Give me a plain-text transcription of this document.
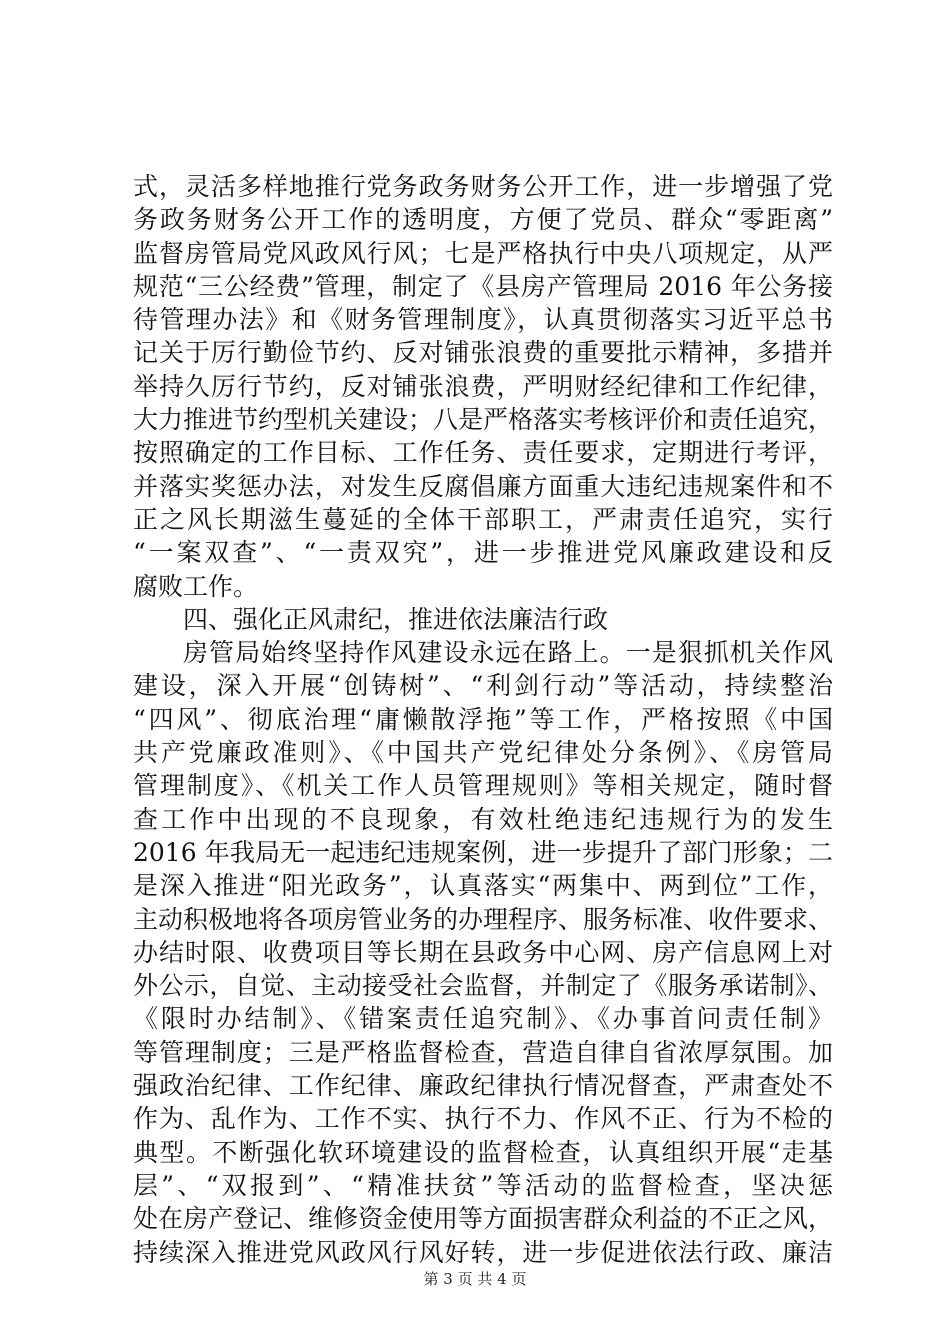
式，灵活多样地推行党务政务财务公开工作，进一步增强了党
务政务财务公开工作的透明度，方便了党员、群众“零距离”
监督房管局党风政风行风；七是严格执行中央八项规定，从严
规范“三公经费”管理，制定了《县房产管理局 2016 年公务接
待管理办法》和《财务管理制度》，认真贯彻落实习近平总书
记关于厉行勤俭节约、反对铺张浪费的重要批示精神，多措并
举持久厉行节约，反对铺张浪费，严明财经纪律和工作纪律，
大力推进节约型机关建设；八是严格落实考核评价和责任追究，
按照确定的工作目标、工作任务、责任要求，定期进行考评，
并落实奖惩办法，对发生反腐倡廉方面重大违纪违规案件和不
正之风长期滋生蔓延的全体干部职工，严肃责任追究，实行
“一案双查”、“一责双究”，进一步推进党风廉政建设和反
腐败工作。
四、强化正风肃纪，推进依法廉洁行政
房管局始终坚持作风建设永远在路上。一是狠抓机关作风
建设，深入开展“创铸树”、“利剑行动”等活动，持续整治
“四风”、彻底治理“庸懒散浮拖”等工作，严格按照《中国
共产党廉政准则》、《中国共产党纪律处分条例》、《房管局
管理制度》、《机关工作人员管理规则》等相关规定，随时督
查工作中出现的不良现象，有效杜绝违纪违规行为的发生
2016 年我局无一起违纪违规案例，进一步提升了部门形象；二
是深入推进“阳光政务”，认真落实“两集中、两到位”工作，
主动积极地将各项房管业务的办理程序、服务标准、收件要求、
办结时限、收费项目等长期在县政务中心网、房产信息网上对
外公示，自觉、主动接受社会监督，并制定了《服务承诺制》、
《限时办结制》、《错案责任追究制》、《办事首问责任制》
等管理制度；三是严格监督检查，营造自律自省浓厚氛围。加
强政治纪律、工作纪律、廉政纪律执行情况督查，严肃查处不
作为、乱作为、工作不实、执行不力、作风不正、行为不检的
典型。不断强化软环境建设的监督检查，认真组织开展“走基
层”、“双报到”、“精准扶贫”等活动的监督检查，坚决惩
处在房产登记、维修资金使用等方面损害群众利益的不正之风，
持续深入推进党风政风行风好转，进一步促进依法行政、廉洁
第 3 页 共 4 页
